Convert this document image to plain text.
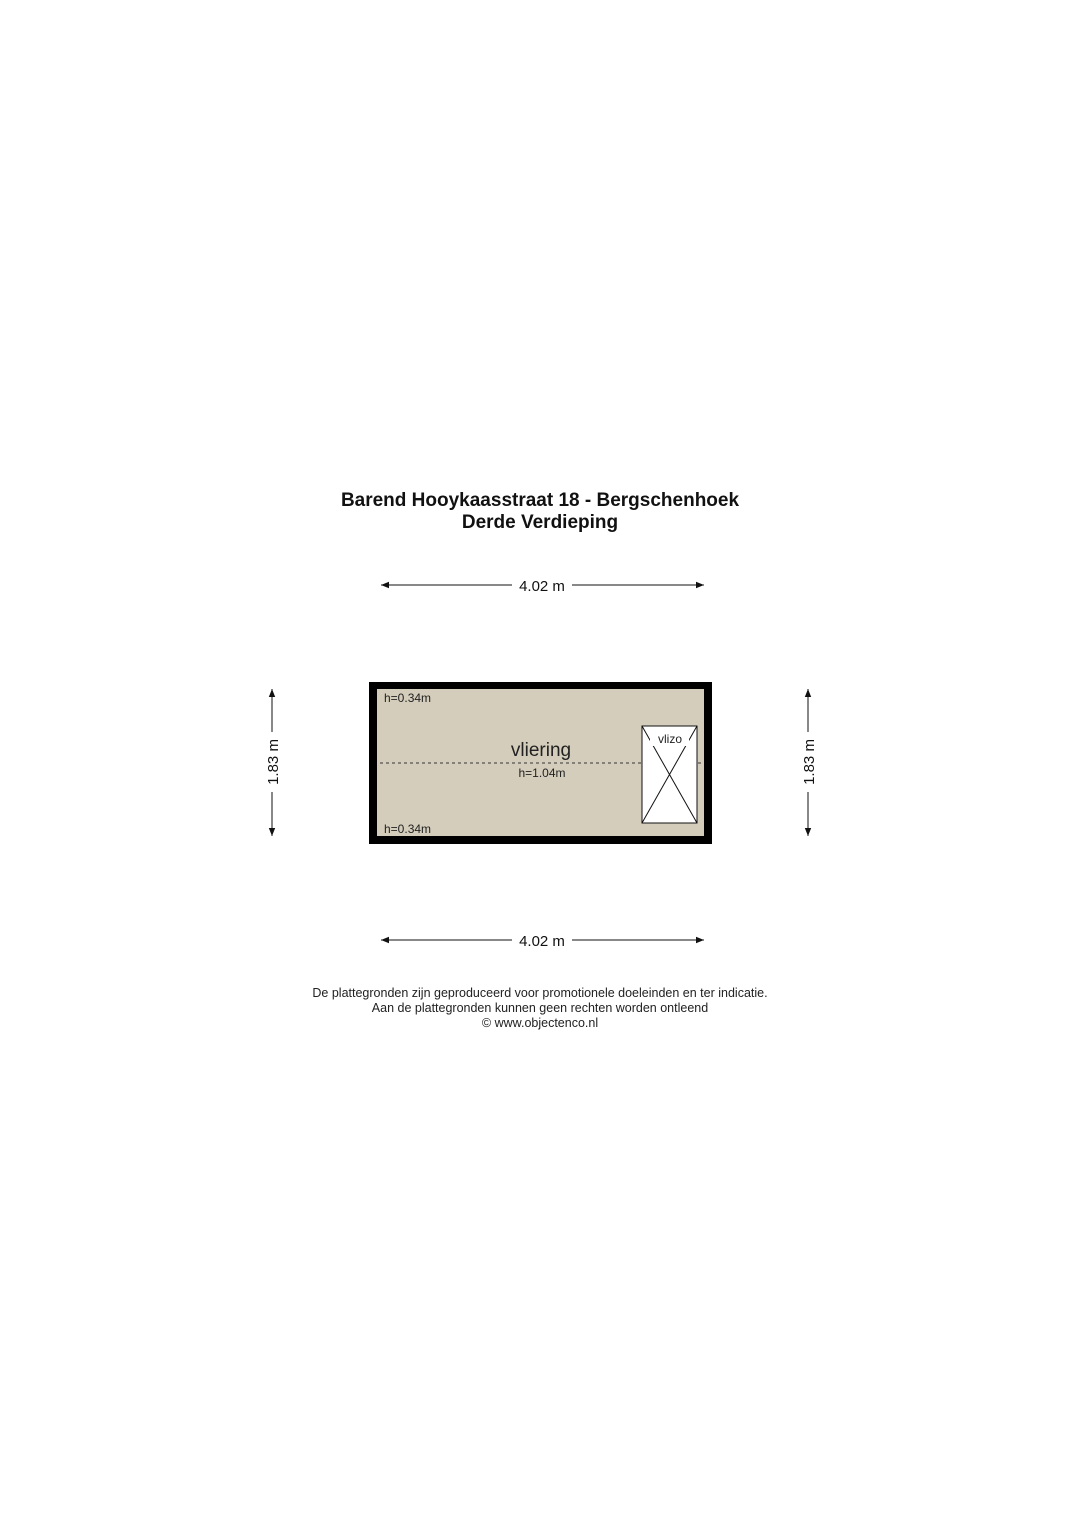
Barend Hooykaasstraat 18 - Bergschenhoek
Derde Verdieping
4.02 m
4.02 m
1.83 m	1.83 m
h=0.34m
vliering
h=1.04m
h=0.34m
vlizo
De plattegronden zijn geproduceerd voor promotionele doeleinden en ter indicatie.
Aan de plattegronden kunnen geen rechten worden ontleend
© www.objectenco.nl
